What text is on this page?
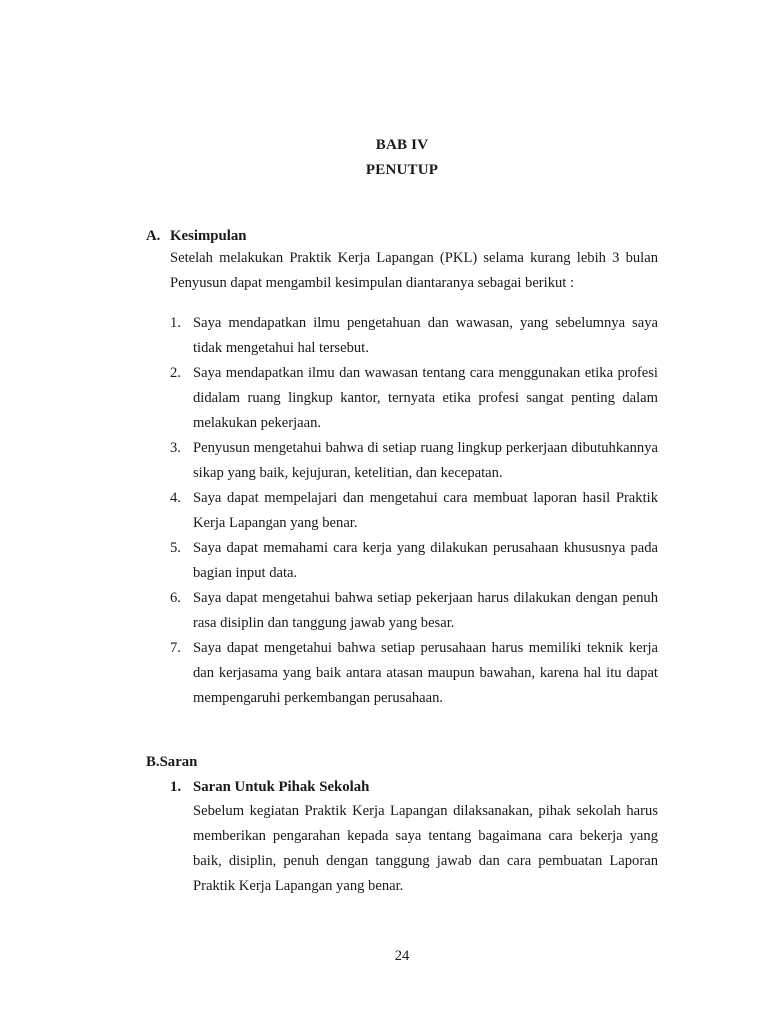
BAB IV
PENUTUP
A. Kesimpulan

Setelah melakukan Praktik Kerja Lapangan (PKL) selama kurang lebih 3 bulan Penyusun dapat mengambil kesimpulan diantaranya sebagai berikut :

1. Saya mendapatkan ilmu pengetahuan dan wawasan, yang sebelumnya saya tidak mengetahui hal tersebut.
2. Saya mendapatkan ilmu dan wawasan tentang cara menggunakan etika profesi didalam ruang lingkup kantor, ternyata etika profesi sangat penting dalam melakukan pekerjaan.
3. Penyusun mengetahui bahwa di setiap ruang lingkup perkerjaan dibutuhkannya sikap yang baik, kejujuran, ketelitian, dan kecepatan.
4. Saya dapat mempelajari dan mengetahui cara membuat laporan hasil Praktik Kerja Lapangan yang benar.
5. Saya dapat memahami cara kerja yang dilakukan perusahaan khususnya pada bagian input data.
6. Saya dapat mengetahui bahwa setiap pekerjaan harus dilakukan dengan penuh rasa disiplin dan tanggung jawab yang besar.
7. Saya dapat mengetahui bahwa setiap perusahaan harus memiliki teknik kerja dan kerjasama yang baik antara atasan maupun bawahan, karena hal itu dapat mempengaruhi perkembangan perusahaan.
B.Saran
1. Saran Untuk Pihak Sekolah

Sebelum kegiatan Praktik Kerja Lapangan dilaksanakan, pihak sekolah harus memberikan pengarahan kepada saya tentang bagaimana cara bekerja yang baik, disiplin, penuh dengan tanggung jawab dan cara pembuatan Laporan Praktik Kerja Lapangan yang benar.

24
